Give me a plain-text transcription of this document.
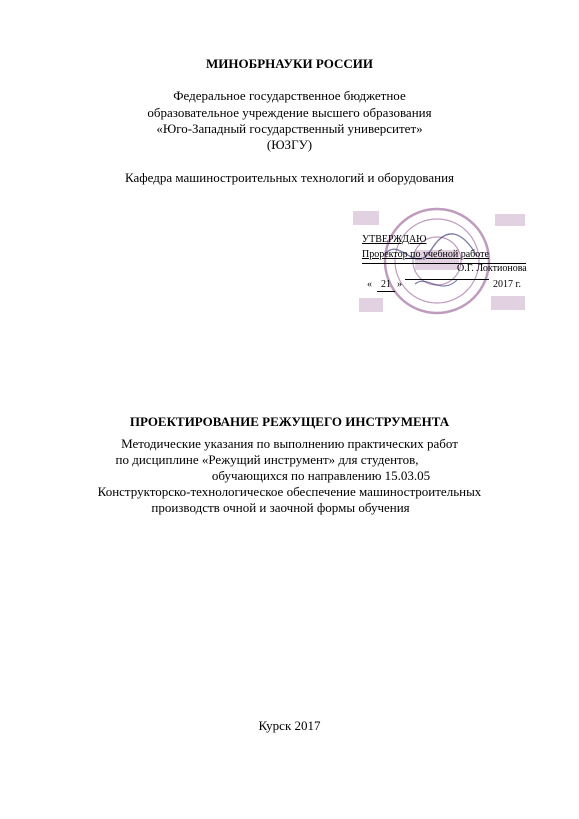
МИНОБРНАУКИ РОССИИ
Федеральное государственное бюджетное
образовательное учреждение высшего образования
«Юго-Западный государственный университет»
(ЮЗГУ)
Кафедра машиностроительных технологий и оборудования
УТВЕРЖДАЮ
Проректор по учебной работе
О.Г. Локтионова
« 21 »	2017 г.
ПРОЕКТИРОВАНИЕ РЕЖУЩЕГО ИНСТРУМЕНТА
Методические указания по выполнению практических работ
по дисциплине «Режущий инструмент» для студентов,
обучающихся по направлению 15.03.05
Конструкторско-технологическое обеспечение машиностроительных
производств очной и заочной формы обучения
Курск 2017
